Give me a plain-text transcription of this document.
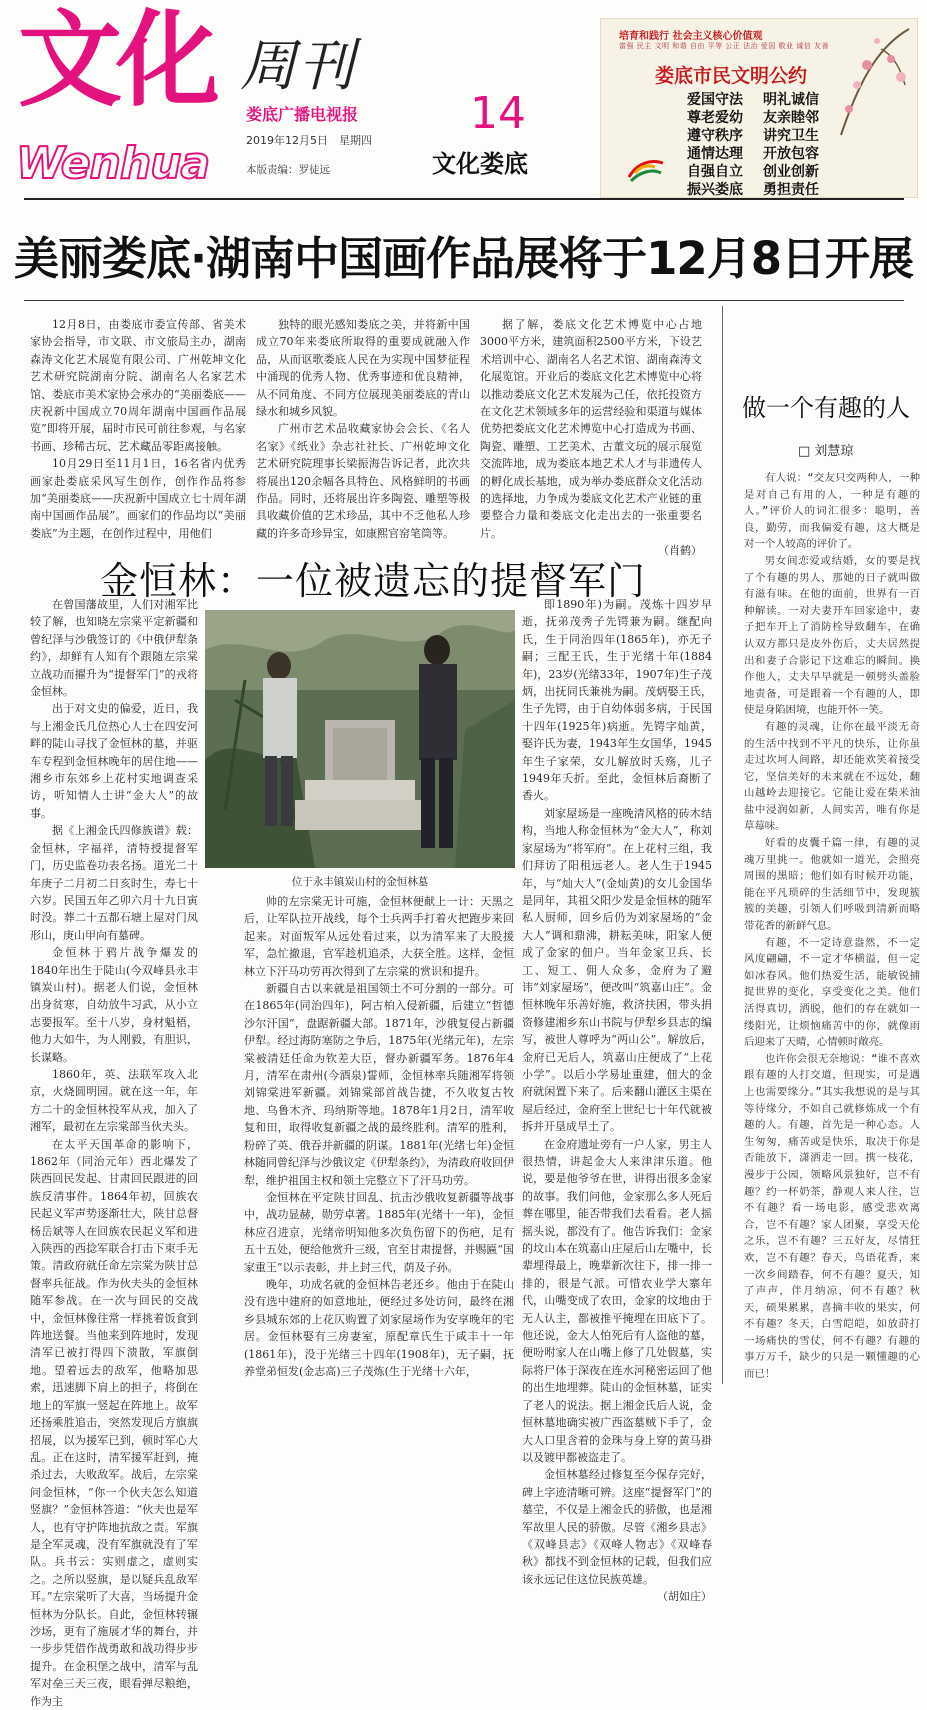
文化
Wenhua
周刊
娄底广播电视报
2019年12月5日　星期四
本版责编：罗徒远
14
文化娄底
培育和践行 社会主义核心价值观
富强 民主 文明 和谐 自由 平等 公正 法治 爱国 敬业 诚信 友善
娄底市民文明公约
爱国守法 明礼诚信
尊老爱幼 友亲睦邻
遵守秩序 讲究卫生
通情达理 开放包容
自强自立 创业创新
振兴娄底 勇担责任
美丽娄底·湖南中国画作品展将于12月8日开展

12月8日，由娄底市委宣传部、省美术家协会指导，市文联、市文旅局主办，湖南森涛文化艺术展览有限公司、广州乾坤文化艺术研究院湖南分院、湖南名人名家艺术馆、娄底市美术家协会承办的“美丽娄底——庆祝新中国成立70周年湖南中国画作品展览”即将开展，届时市民可前往参观，与名家书画、珍稀古玩、艺术藏品零距离接触。

10月29日至11月1日，16名省内优秀画家赴娄底采风写生创作，创作作品将参加“美丽娄底——庆祝新中国成立七十周年湖南中国画作品展”。画家们的作品均以“美丽娄底”为主题，在创作过程中，用他们

独特的眼光感知娄底之美，并将新中国成立70年来娄底所取得的重要成就融入作品，从而讴歌娄底人民在为实现中国梦征程中涌现的优秀人物、优秀事迹和优良精神，从不同角度、不同方位展现美丽娄底的青山绿水和城乡风貌。

广州市艺术品收藏家协会会长、《名人名家》《纸业》杂志社社长、广州乾坤文化艺术研究院理事长梁振海告诉记者，此次共将展出120余幅各具特色、风格鲜明的书画作品。同时，还将展出许多陶瓷、雕塑等极具收藏价值的艺术珍品，其中不乏他私人珍藏的许多奇珍异宝，如康熙官窑笔筒等。

据了解，娄底文化艺术博览中心占地3000平方米，建筑面积2500平方米，下设艺术培训中心、湖南名人名艺术馆、湖南森涛文化展览馆。开业后的娄底文化艺术博览中心将以推动娄底文化艺术发展为己任，依托投资方在文化艺术领域多年的运营经验和渠道与媒体优势把娄底文化艺术博览中心打造成为书画、陶瓷、雕塑、工艺美术、古董文玩的展示展览交流阵地，成为娄底本地艺术人才与非遗传人的孵化成长基地，成为举办娄底群众文化活动的选择地，力争成为娄底文化艺术产业链的重要整合力量和娄底文化走出去的一张重要名片。

（肖鹤）

做一个有趣的人
□ 刘慧琼

有人说：“交友只交两种人，一种是对自己有用的人，一种是有趣的人。”评价人的词汇很多：聪明，善良，勤劳，而我偏爱有趣，这大概是对一个人较高的评价了。

男女间恋爱或结婚，女的要是找了个有趣的男人，那她的日子就叫做有滋有味。在他的面前，世界有一百种解读。一对夫妻开车回家途中，妻子把车开上了消防栓导致翻车，在确认双方都只是皮外伤后，丈夫居然提出和妻子合影记下这难忘的瞬间。换作他人，丈夫早早就是一顿劈头盖脸地责备，可是跟着一个有趣的人，即使是身陷困境，也能开怀一笑。

有趣的灵魂，让你在最平淡无奇的生活中找到不平凡的快乐，让你虽走过坎坷人间路，却还能欢笑着接受它，坚信美好的未来就在不远处，翻山越岭去迎接它。它能让爱在柴米油盐中浸润如新，人间实苦，唯有你是草莓味。

好看的皮囊千篇一律，有趣的灵魂万里挑一。他就如一道光，会照亮周围的黑暗；他们如有时候开功能，能在平凡琐碎的生活细节中，发现簇簇的美趣，引领人们呼吸到清新而略带花香的新鲜气息。

有趣，不一定诗意盎然，不一定风度翩翩，不一定才华横溢，但一定如冰春风。他们热爱生活，能敏锐捕捉世界的变化，享受变化之美。他们活得真切，洒脱，他们的存在就如一缕阳光，让烦恼痛苦中的你，就像雨后迎来了天晴，心情顿时敞亮。

也许你会很无奈地说：“谁不喜欢跟有趣的人打交道，但现实，可是遇上也需要缘分。”其实我想说的是与其等待缘分，不如自己就修炼成一个有趣的人。有趣，首先是一种心态。人生匆匆，痛苦或是快乐，取决于你是否能放下，潇洒走一回。携一枝花，漫步于公园，领略风景独好，岂不有趣？约一杯奶茶，静观人来人往，岂不有趣？看一场电影，感受悲欢离合，岂不有趣？家人团聚，享受天伦之乐，岂不有趣？三五好友，尽情狂欢，岂不有趣？春天，鸟语花香，来一次乡间踏春，何不有趣？夏天，知了声声，伴月纳凉，何不有趣？秋天，硕果累累，喜摘丰收的果实，何不有趣？冬天，白雪皑皑，如放莳打一场痛快的雪仗，何不有趣？有趣的事万万千，缺少的只是一颗懂趣的心而已！

金恒林：一位被遗忘的提督军门
位于永丰镇炭山村的金恒林墓

在曾国藩故里，人们对湘军比较了解，也知晓左宗棠平定新疆和曾纪泽与沙俄签订的《中俄伊犁条约》，却鲜有人知有个跟随左宗棠立战功而擢升为“提督军门”的戎将金恒林。

出于对文史的偏爱，近日，我与上湘金氏几位热心人士在四安河畔的陡山寻找了金恒林的墓，并驱车专程到金恒林晚年的居住地——湘乡市东郊乡上花村实地调查采访，听知情人士讲“金大人”的故事。

据《上湘金氏四修族谱》载：金恒林，字福祥，清特授提督军门，历史监卷功表名扬。道光二十年庚子二月初二日亥时生，寿七十六岁。民国五年乙卯六月十九日寅时没。葬二十五都石塘上屋对门凤形山，庚山甲向有墓碑。

金恒林于鸦片战争爆发的1840年出生于陡山(今双峰县永丰镇炭山村)。据老人们说，金恒林出身贫寒，自幼放牛习武，从小立志要报军。至十八岁，身材魁梧，他力大如牛，为人刚毅，有胆识，长谋略。

1860年，英、法联军攻入北京，火烧圆明园。就在这一年，年方二十的金恒林投军从戎，加入了湘军，最初在左宗棠部当伙夫头。

在太平天国革命的影响下，1862年（同治元年）西北爆发了陕西回民发起、甘肃回民跟进的回族反清事件。1864年初，回族农民起义军声势逐渐壮大，陕甘总督杨岳斌等人在回族农民起义军和进入陕西的西捻军联合打击下束手无策。清政府就任命左宗棠为陕甘总督率兵征战。作为伙夫头的金恒林随军参战。在一次与回民的交战中，金恒林像往常一样挑着饭食到阵地送餐。当他来到阵地时，发现清军已被打得四下溃散，军旗倒地。望着远去的敌军，他略加思索，迅速脚下肩上的担子，将倒在地上的军旗一竖起在阵地上。故军还扬乘胜追击，突然发现后方旗旗招展，以为援军已到，顿时军心大乱。正在这时，清军援军赶到，掩杀过去，大败敌军。战后，左宗棠问金恒林，“你一个伙夫怎么知道竖旗？”金恒林答道：“伙夫也是军人，也有守护阵地抗敌之责。军旗是全军灵魂，没有军旗就没有了军队。兵书云：实则虚之，虚则实之。之所以竖旗，是以疑兵乱敌军耳。”左宗棠听了大喜，当场提升金恒林为分队长。自此，金恒林转辗沙场，更有了施展才华的舞台，并一步步凭借作战勇敢和战功得步步提升。在金积堡之战中，清军与乱军对垒三天三夜，眼看弹尽粮绝，作为主

帅的左宗棠无计可施，金恒林便献上一计：天黑之后，让军队拉开战线，每个士兵两手打着火把跑步来回起来。对面叛军从远处看过来，以为清军来了大股援军，急忙撤退，官军趁机追杀，大获全胜。这样，金恒林立下汗马功劳再次得到了左宗棠的赏识和提升。

新疆自古以来就是祖国领土不可分割的一部分。可在1865年(同治四年)，阿古柏入侵新疆，后建立“哲德沙尔汗国”，盘踞新疆大部。1871年，沙俄复侵占新疆伊犁。经过海防塞防之争后，1875年(光绪元年)，左宗棠被清廷任命为钦差大臣，督办新疆军务。1876年4月，清军在肃州(今酒泉)誓师，金恒林率兵随湘军将领刘锦棠进军新疆。刘锦棠部首战告捷，不久收复古牧地、乌鲁木齐、玛纳斯等地。1878年1月2日，清军收复和田，取得收复新疆之战的最终胜利。清军的胜利，粉碎了英、俄吞并新疆的阴谋。1881年(光绪七年)金恒林随同曾纪泽与沙俄议定《伊犁条约》，为清政府收回伊犁，维护祖国主权和领土完整立下了汗马功劳。

金恒林在平定陕甘回乱、抗击沙俄收复新疆等战事中，战功显赫，勋劳卓著。1885年(光绪十一年)，金恒林应召进京，光绪帝明知他多次负伤留下的伤疤，足有五十五处，便给他赏升三级，官至甘肃提督，并赐匾“国家重王”以示表彰，并上封三代，荫及子孙。

晚年，功成名就的金恒林告老还乡。他由于在陡山没有选中建府的如意地址，便经过多处访问，最终在湘乡县城东郊的上花仄购置了刘家屋场作为安享晚年的宅居。金恒林娶有三房妻室，原配章氏生于咸丰十一年(1861年)，没于光绪三十四年(1908年)，无子嗣，抚养堂弟恒发(金志高)三子茂炼(生于光绪十六年，

即1890年)为嗣。茂炼十四岁早逝，抚弟茂秀子先锷兼为嗣。继配向氏，生于同治四年(1865年)，亦无子嗣；三配王氏，生于光绪十年(1884年)，23岁(光绪33年，1907年)生子茂炳，出抚同氏兼祧为嗣。茂炳娶王氏，生子先锷，由于自幼体弱多病，于民国十四年(1925年)病逝。先锷字灿黄，娶许氏为妻，1943年生女国华，1945年生子家荣，女儿解放时夭殇，儿子1949年夭折。至此，金恒林后裔断了香火。

刘家屋场是一座晚清风格的砖木结构，当地人称金恒林为“金大人”，称刘家屋场为“将军府”。在上花村三组，我们拜访了阳租远老人。老人生于1945年，与“灿大人”(金灿黄)的女儿金国华是同年，其祖父阳少发是金恒林的随军私人厨师，回乡后仍为刘家屋场的“金大人”调和鼎沸，耕耘美味，阳家人便成了金家的佃户。当年金家卫兵、长工、短工、佣人众多，金府为了避讳“刘家屋场”，便改叫“筑嘉山庄”。金恒林晚年乐善好施，救济扶困，带头捐资修建湘乡东山书院与伊犁乡县志的编写，被世人尊呼为“两山公”。解放后，金府已无后人，筑嘉山庄便成了“上花小学”。以后小学易址重建，佃大的金府就闲置下来了。后来翻山灌区主渠在屋后经过，金府至上世纪七十年代就被拆并开垦成旱土了。

在金府遗址旁有一户人家，男主人很热情，讲起金大人来津津乐道。他说，要是他爷爷在世，讲得出很多金家的故事。我们问他，金家那么多人死后葬在哪里，能否带我们去看看。老人摇摇头说，都没有了。他告诉我们：金家的坟山本在筑嘉山庄屋后山左嘴中，长辈埋得最上，晚辈新次往下，排一排一排的，很是气派。可惜农业学大寨年代，山嘴变成了农田，金家的坟地由于无人认主，都被推平掩埋在田底下了。他还说，金大人怕死后有人盗他的墓，便吩咐家人在山嘴上修了几处假墓，实际将尸体于深夜在连水河秘密运回了他的出生地埋葬。陡山的金恒林墓，证实了老人的说法。据上湘金氏后人说，金恒林墓地确实被广西盗墓贼下手了，金大人口里含着的金珠与身上穿的黄马褂以及镀甲都被盗走了。

金恒林墓经过修复至今保存完好，碑上字迹清晰可辨。这座“提督军门”的墓茔，不仅是上湘金氏的骄傲，也是湘军故里人民的骄傲。尽管《湘乡县志》《双峰县志》《双峰人物志》《双峰春秋》都找不到金恒林的记载，但我们应该永远记住这位民族英雄。

（胡如庄）
